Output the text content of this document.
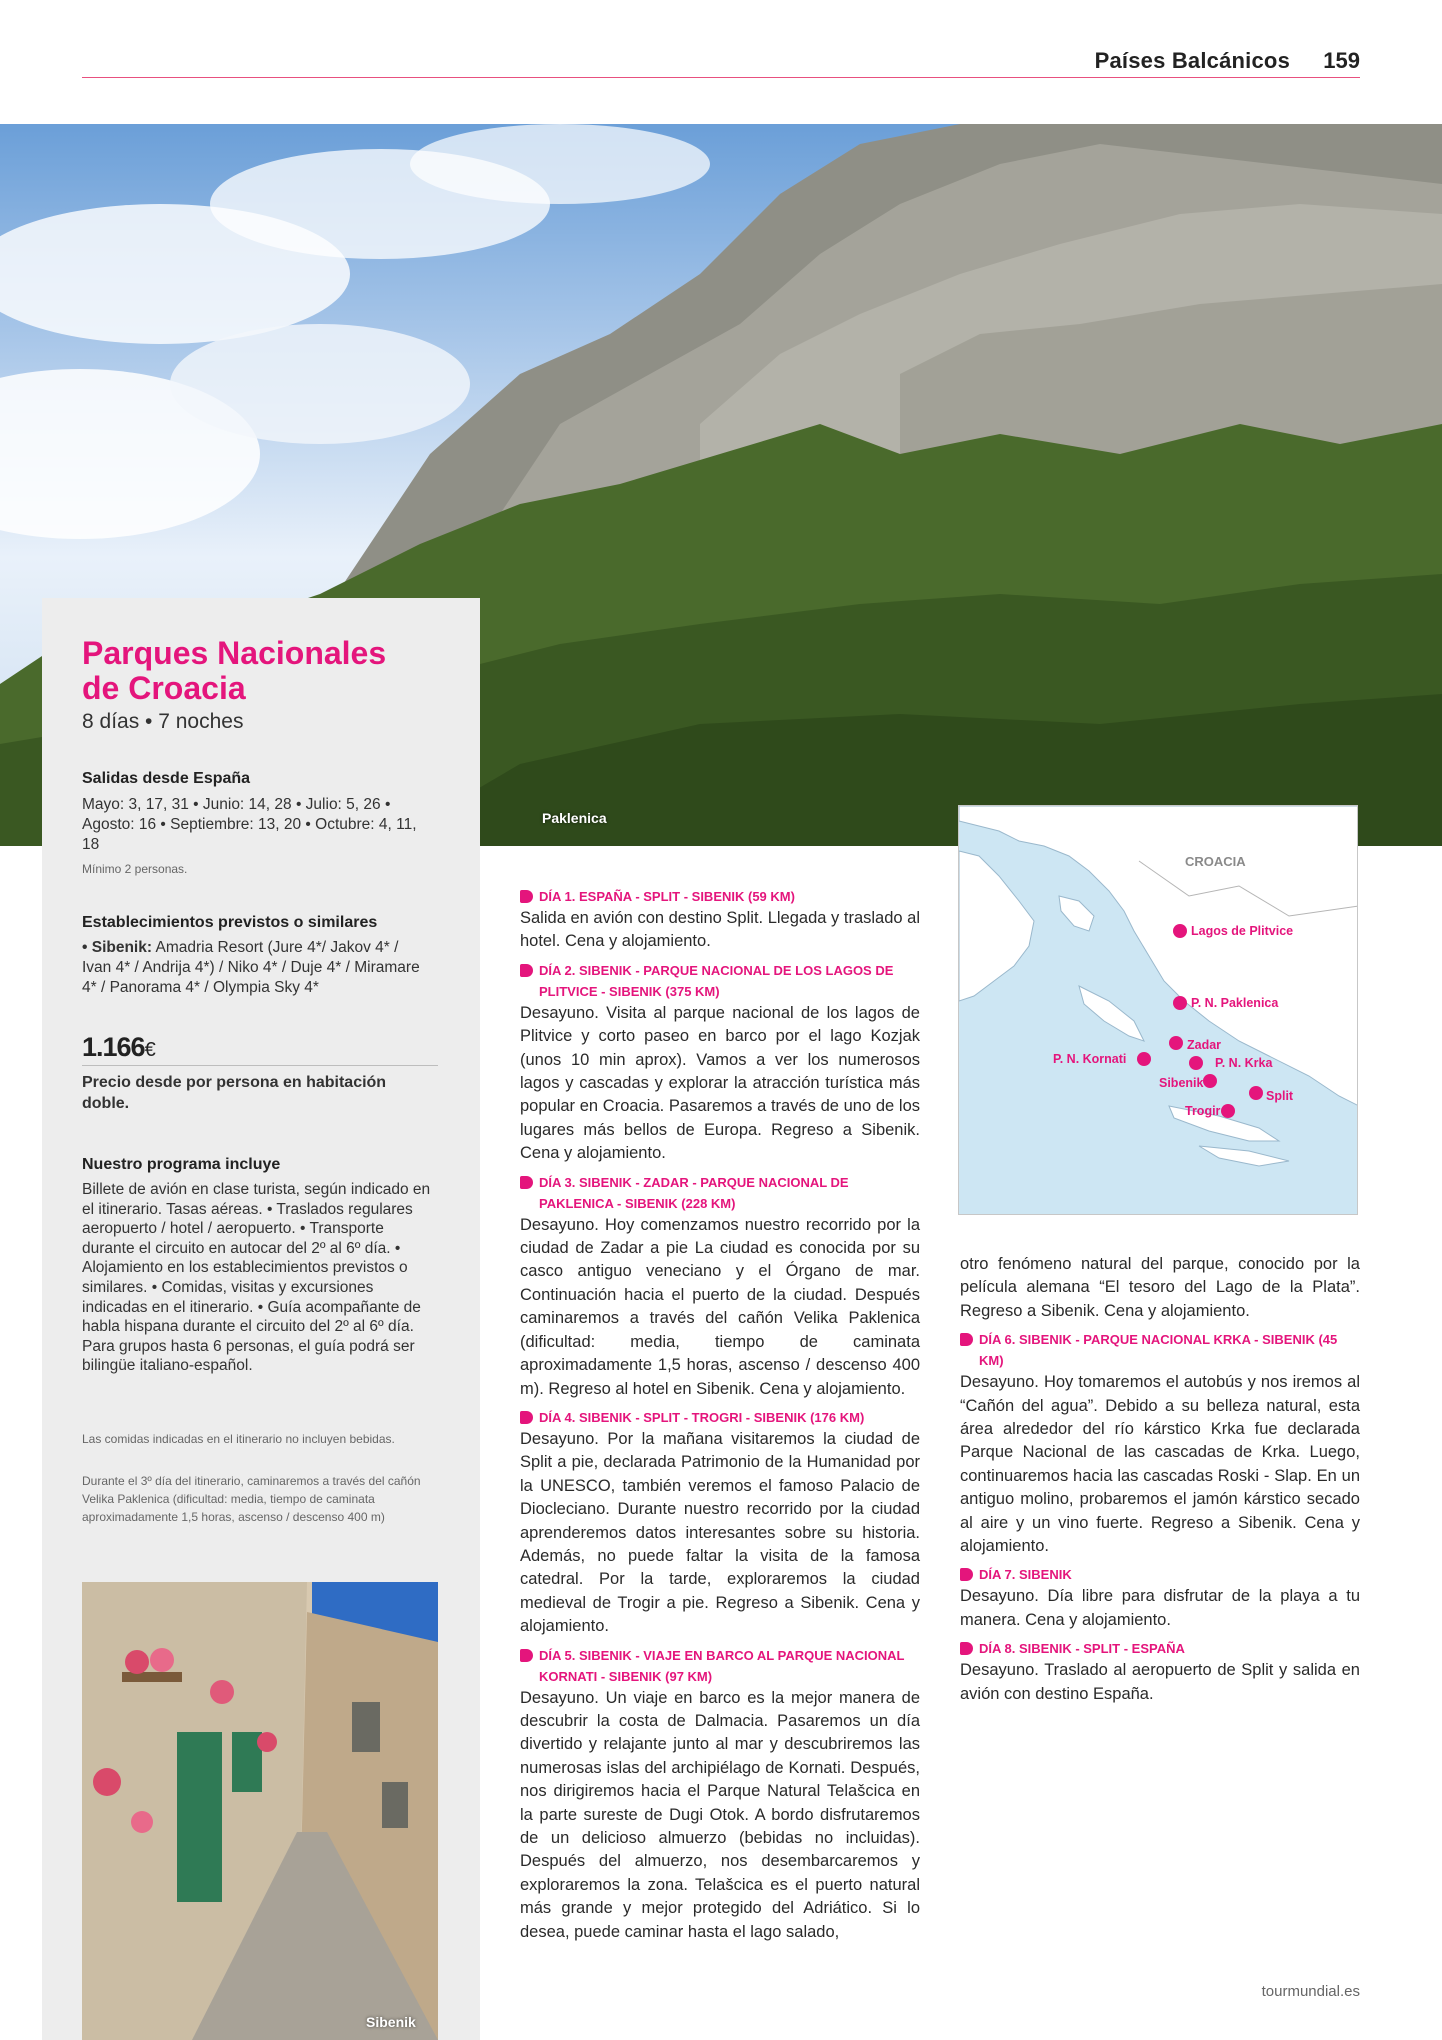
Países Balcánicos 159
Paklenica
Parques Nacionales
de Croacia
8 días • 7 noches
Salidas desde España
Mayo: 3, 17, 31 • Junio: 14, 28 • Julio: 5, 26 • Agosto: 16 • Septiembre: 13, 20 • Octubre: 4, 11, 18
Mínimo 2 personas.
Establecimientos previstos o similares
• Sibenik: Amadria Resort (Jure 4*/ Jakov 4* / Ivan 4* / Andrija 4*) / Niko 4* / Duje 4* / Miramare 4* / Panorama 4* / Olympia Sky 4*
1.166€
Precio desde por persona en habitación doble.
Nuestro programa incluye
Billete de avión en clase turista, según indicado en el itinerario. Tasas aéreas. • Traslados regulares aeropuerto / hotel / aeropuerto. • Transporte durante el circuito en autocar del 2º al 6º día. • Alojamiento en los establecimientos previstos o similares. • Comidas, visitas y excursiones indicadas en el itinerario. • Guía acompañante de habla hispana durante el circuito del 2º al 6º día. Para grupos hasta 6 personas, el guía podrá ser bilingüe italiano-español.
Las comidas indicadas en el itinerario no incluyen bebidas.
Durante el 3º día del itinerario, caminaremos a través del cañón Velika Paklenica (dificultad: media, tiempo de caminata aproximadamente 1,5 horas, ascenso / descenso 400 m)
Sibenik
DÍA 1. ESPAÑA - SPLIT - SIBENIK (59 KM)
Salida en avión con destino Split. Llegada y traslado al hotel. Cena y alojamiento.
DÍA 2. SIBENIK - PARQUE NACIONAL DE LOS LAGOS DE PLITVICE - SIBENIK (375 KM)
Desayuno. Visita al parque nacional de los lagos de Plitvice y corto paseo en barco por el lago Kozjak (unos 10 min aprox). Vamos a ver los numerosos lagos y cascadas y explorar la atracción turística más popular en Croacia. Pasaremos a través de uno de los lugares más bellos de Europa. Regreso a Sibenik. Cena y alojamiento.
DÍA 3. SIBENIK - ZADAR - PARQUE NACIONAL DE PAKLENICA - SIBENIK (228 KM)
Desayuno. Hoy comenzamos nuestro recorrido por la ciudad de Zadar a pie La ciudad es conocida por su casco antiguo veneciano y el Órgano de mar. Continuación hacia el puerto de la ciudad. Después caminaremos a través del cañón Velika Paklenica (dificultad: media, tiempo de caminata aproximadamente 1,5 horas, ascenso / descenso 400 m). Regreso al hotel en Sibenik. Cena y alojamiento.
DÍA 4. SIBENIK - SPLIT - TROGRI - SIBENIK (176 KM)
Desayuno. Por la mañana visitaremos la ciudad de Split a pie, declarada Patrimonio de la Humanidad por la UNESCO, también veremos el famoso Palacio de Diocleciano. Durante nuestro recorrido por la ciudad aprenderemos datos interesantes sobre su historia. Además, no puede faltar la visita de la famosa catedral. Por la tarde, exploraremos la ciudad medieval de Trogir a pie. Regreso a Sibenik. Cena y alojamiento.
DÍA 5. SIBENIK - VIAJE EN BARCO AL PARQUE NACIONAL KORNATI - SIBENIK (97 KM)
Desayuno. Un viaje en barco es la mejor manera de descubrir la costa de Dalmacia. Pasaremos un día divertido y relajante junto al mar y descubriremos las numerosas islas del archipiélago de Kornati. Después, nos dirigiremos hacia el Parque Natural Telašcica en la parte sureste de Dugi Otok. A bordo disfrutaremos de un delicioso almuerzo (bebidas no incluidas). Después del almuerzo, nos desembarcaremos y exploraremos la zona. Telašcica es el puerto natural más grande y mejor protegido del Adriático. Si lo desea, puede caminar hasta el lago salado,
CROACIA
Lagos de Plitvice
P. N. Paklenica
Zadar
P. N. Kornati	P. N. Krka
Sibenik
Split
Trogir
otro fenómeno natural del parque, conocido por la película alemana “El tesoro del Lago de la Plata”. Regreso a Sibenik. Cena y alojamiento.
DÍA 6. SIBENIK - PARQUE NACIONAL KRKA - SIBENIK (45 KM)
Desayuno. Hoy tomaremos el autobús y nos iremos al “Cañón del agua”. Debido a su belleza natural, esta área alrededor del río kárstico Krka fue declarada Parque Nacional de las cascadas de Krka. Luego, continuaremos hacia las cascadas Roski - Slap. En un antiguo molino, probaremos el jamón kárstico secado al aire y un vino fuerte. Regreso a Sibenik. Cena y alojamiento.
DÍA 7. SIBENIK
Desayuno. Día libre para disfrutar de la playa a tu manera. Cena y alojamiento.
DÍA 8. SIBENIK - SPLIT - ESPAÑA
Desayuno. Traslado al aeropuerto de Split y salida en avión con destino España.
tourmundial.es
